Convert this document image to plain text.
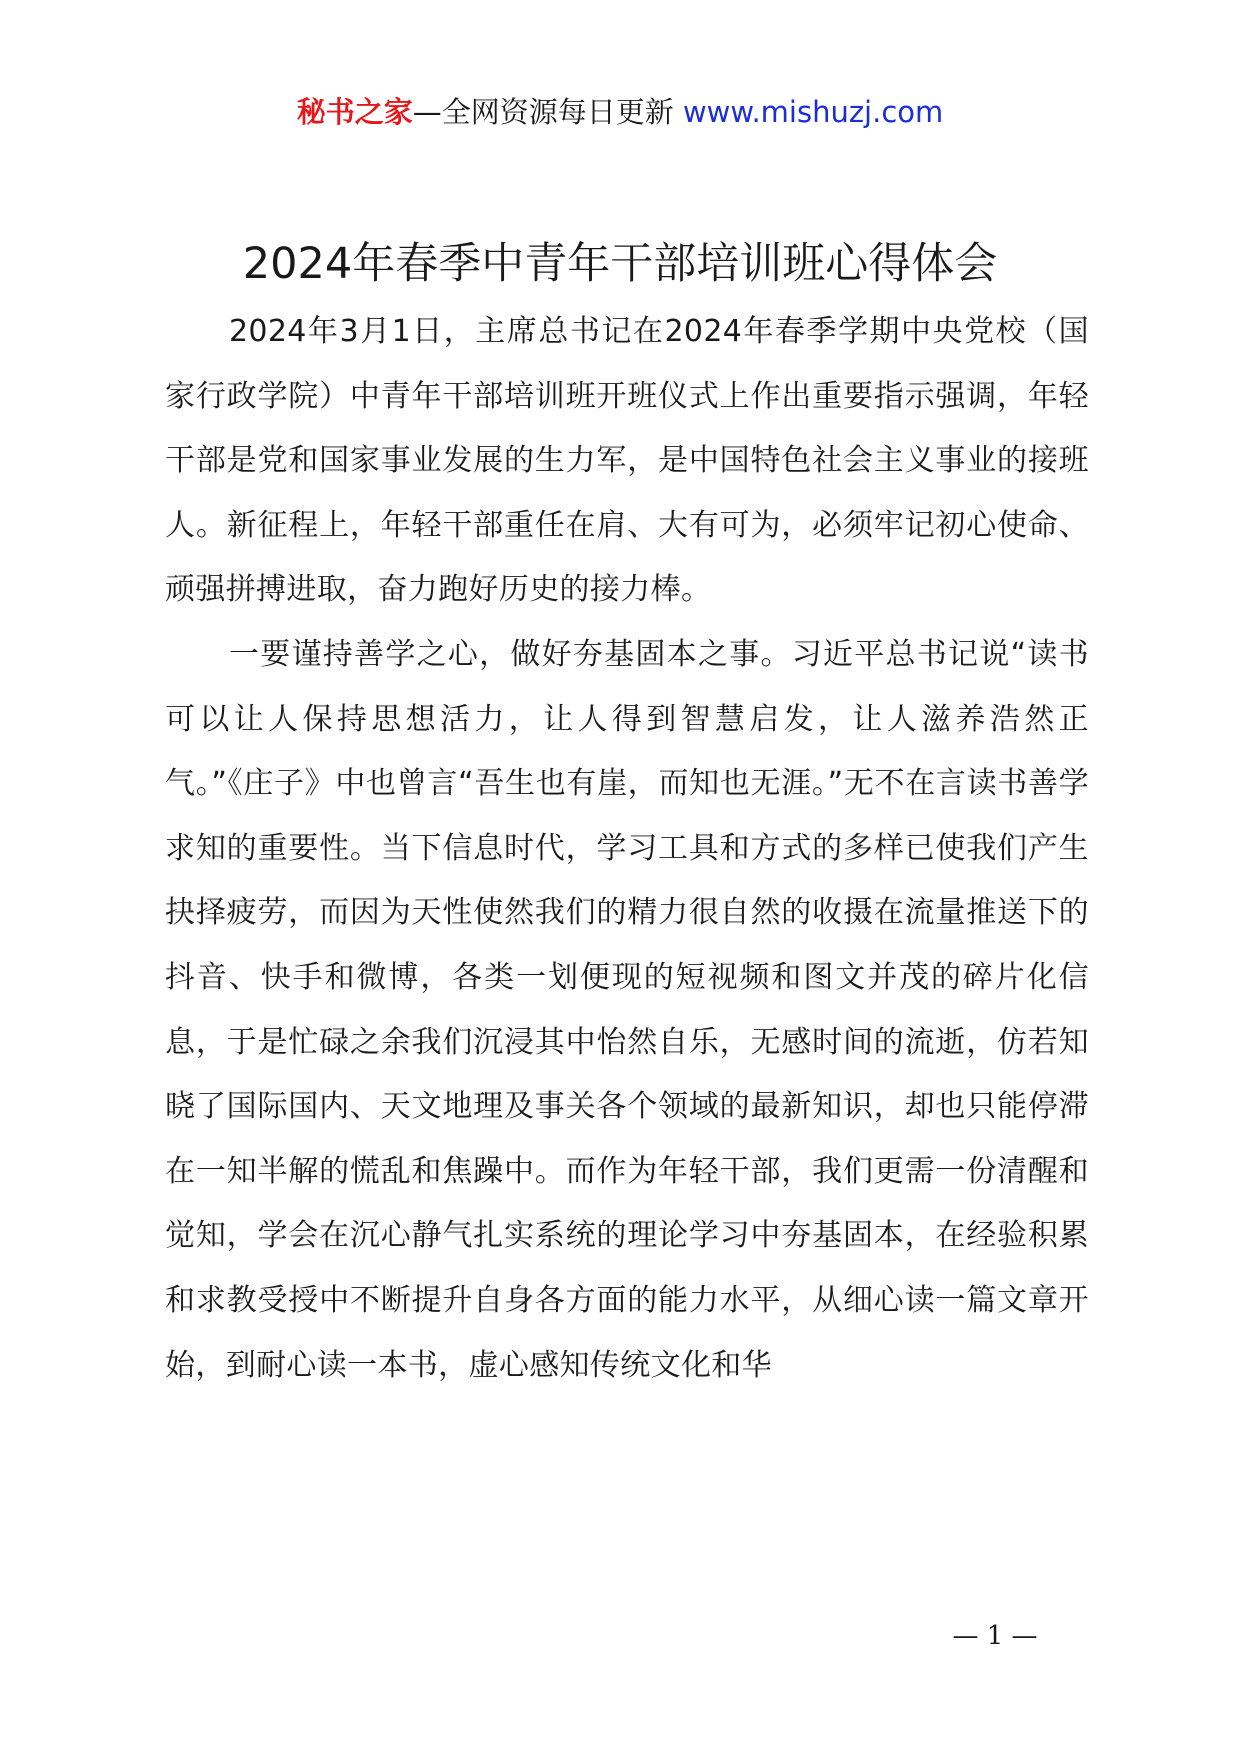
秘书之家—全网资源每日更新 www.mishuzj.com
2024年春季中青年干部培训班心得体会

2024年3月1日，主席总书记在2024年春季学期中央党校（国家行政学院）中青年干部培训班开班仪式上作出重要指示强调，年轻干部是党和国家事业发展的生力军，是中国特色社会主义事业的接班人。新征程上，年轻干部重任在肩、大有可为，必须牢记初心使命、顽强拼搏进取，奋力跑好历史的接力棒。

一要谨持善学之心，做好夯基固本之事。习近平总书记说“读书可以让人保持思想活力，让人得到智慧启发，让人滋养浩然正气。”《庄子》中也曾言“吾生也有崖，而知也无涯。”无不在言读书善学求知的重要性。当下信息时代，学习工具和方式的多样已使我们产生抉择疲劳，而因为天性使然我们的精力很自然的收摄在流量推送下的抖音、快手和微博，各类一划便现的短视频和图文并茂的碎片化信息，于是忙碌之余我们沉浸其中怡然自乐，无感时间的流逝，仿若知晓了国际国内、天文地理及事关各个领域的最新知识，却也只能停滞在一知半解的慌乱和焦躁中。而作为年轻干部，我们更需一份清醒和觉知，学会在沉心静气扎实系统的理论学习中夯基固本，在经验积累和求教受授中不断提升自身各方面的能力水平，从细心读一篇文章开始，到耐心读一本书，虚心感知传统文化和华

— 1 —
